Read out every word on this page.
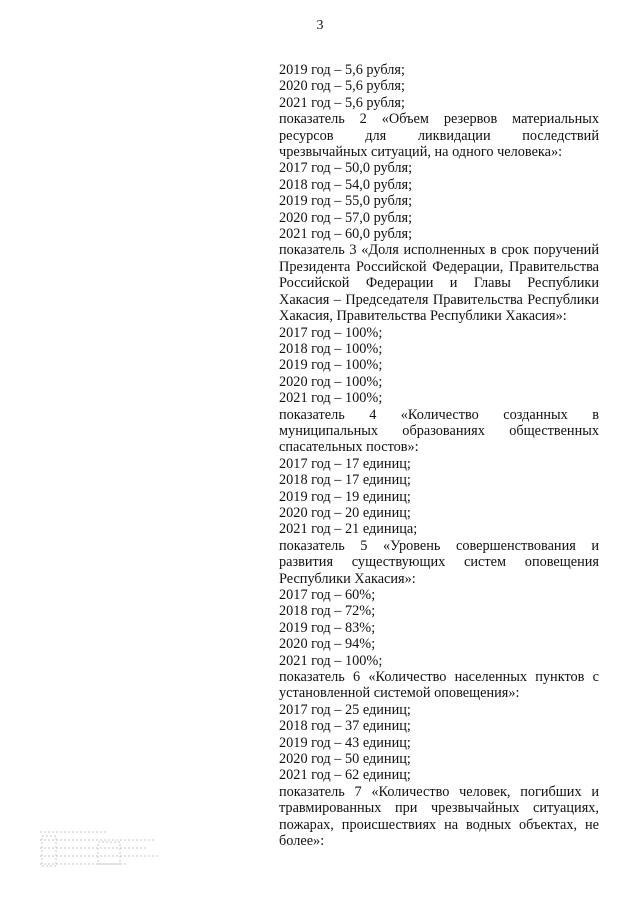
3
2019 год – 5,6 рубля;
2020 год – 5,6 рубля;
2021 год – 5,6 рубля;
показатель 2 «Объем резервов материальных ресурсов для ликвидации последствий чрезвычайных ситуаций, на одного человека»:
2017 год – 50,0 рубля;
2018 год – 54,0 рубля;
2019 год – 55,0 рубля;
2020 год – 57,0 рубля;
2021 год – 60,0 рубля;
показатель 3 «Доля исполненных в срок поручений Президента Российской Федерации, Правительства Российской Федерации и Главы Республики Хакасия – Председателя Правительства Республики Хакасия, Правительства Республики Хакасия»:
2017 год – 100%;
2018 год – 100%;
2019 год – 100%;
2020 год – 100%;
2021 год – 100%;
показатель 4 «Количество созданных в муниципальных образованиях общественных спасательных постов»:
2017 год – 17 единиц;
2018 год – 17 единиц;
2019 год – 19 единиц;
2020 год – 20 единиц;
2021 год – 21 единица;
показатель 5 «Уровень совершенствования и развития существующих систем оповещения Республики Хакасия»:
2017 год – 60%;
2018 год – 72%;
2019 год – 83%;
2020 год – 94%;
2021 год – 100%;
показатель 6 «Количество населенных пунктов с установленной системой оповещения»:
2017 год – 25 единиц;
2018 год – 37 единиц;
2019 год – 43 единиц;
2020 год – 50 единиц;
2021 год – 62 единиц;
показатель 7 «Количество человек, погибших и травмированных при чрезвычайных ситуациях, пожарах, происшествиях на водных объектах, не более»:
